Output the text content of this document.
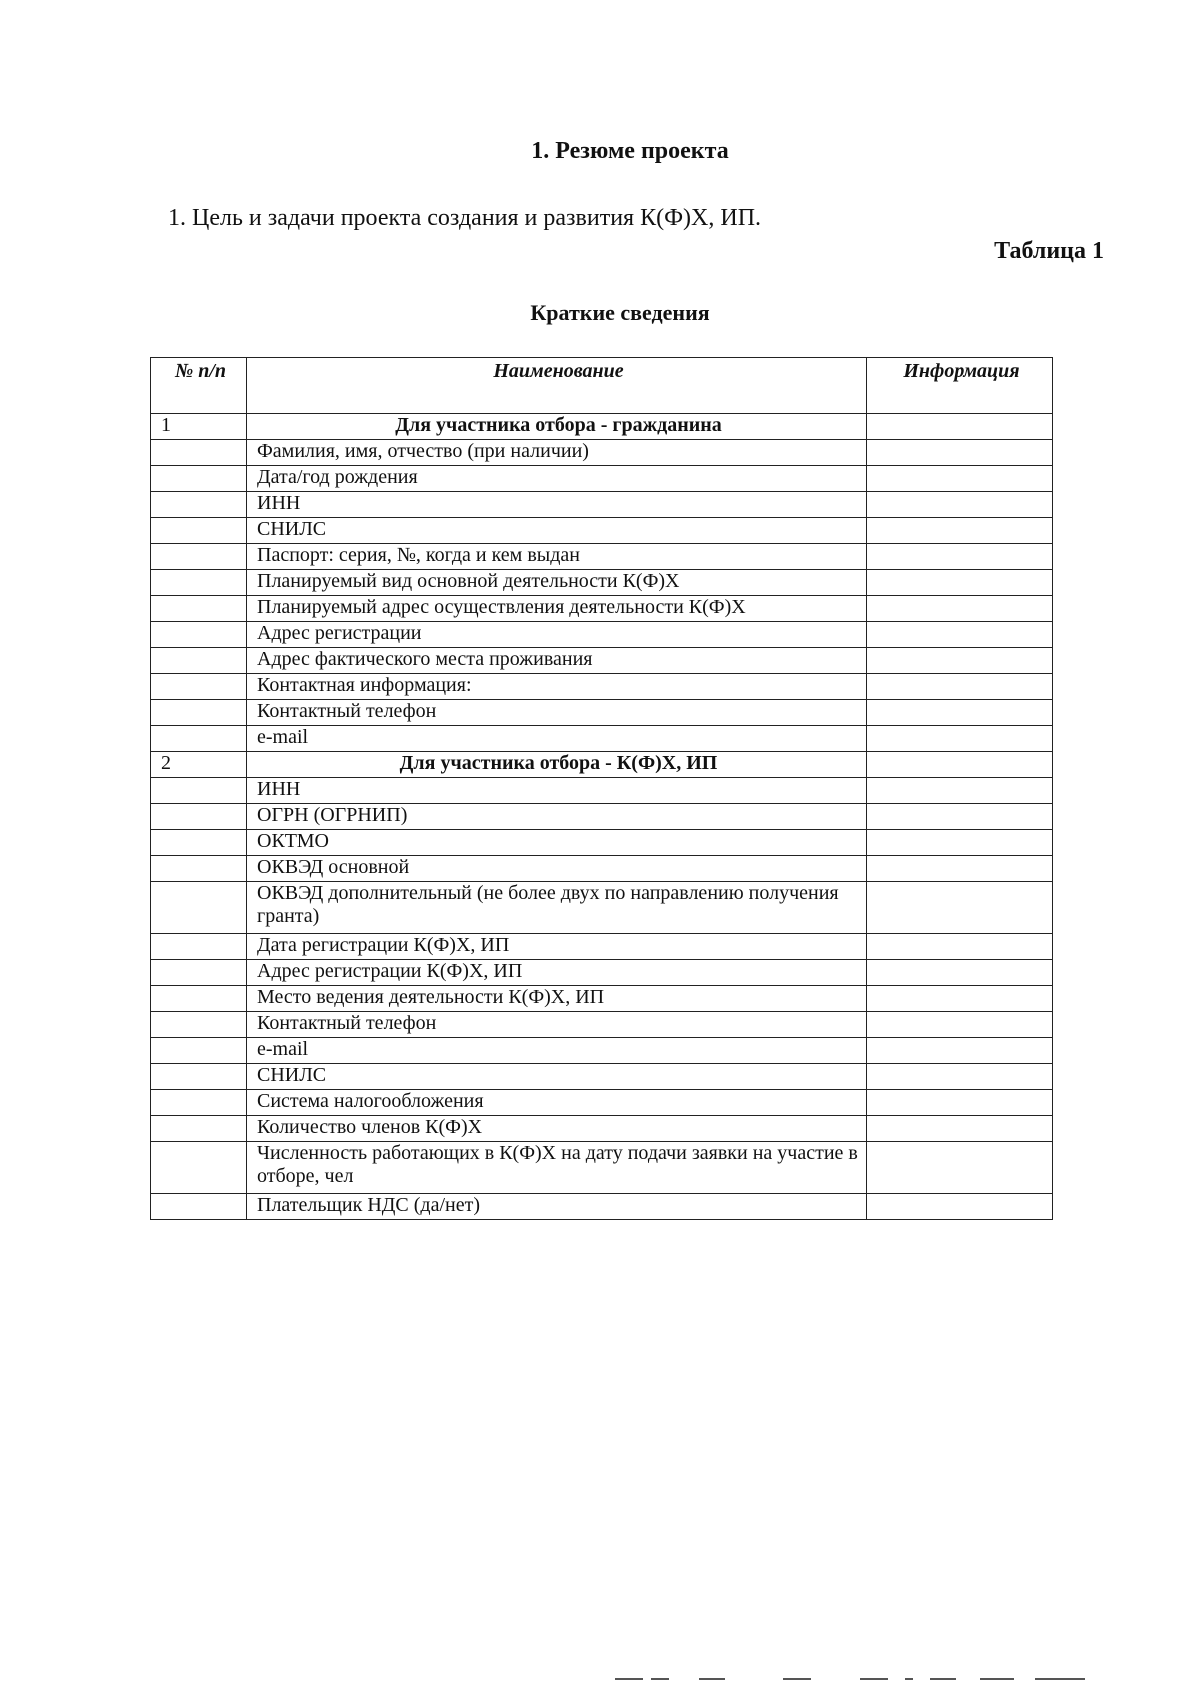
1. Резюме проекта
1. Цель и задачи проекта создания и развития К(Ф)Х, ИП.
Таблица 1
Краткие сведения
№ п/п	Наименование	Информация
1	Для участника отбора - гражданина	
	Фамилия, имя, отчество (при наличии)	
	Дата/год рождения	
	ИНН	
	СНИЛС	
	Паспорт: серия, №, когда и кем выдан	
	Планируемый вид основной деятельности К(Ф)Х	
	Планируемый адрес осуществления деятельности К(Ф)Х	
	Адрес регистрации	
	Адрес фактического места проживания	
	Контактная информация:	
	Контактный телефон	
	e-mail	
2	Для участника отбора - К(Ф)Х, ИП	
	ИНН	
	ОГРН (ОГРНИП)	
	ОКТМО	
	ОКВЭД основной	
	ОКВЭД дополнительный (не более двух по направлению получения гранта)	
	Дата регистрации К(Ф)Х, ИП	
	Адрес регистрации К(Ф)Х, ИП	
	Место ведения деятельности К(Ф)Х, ИП	
	Контактный телефон	
	e-mail	
	СНИЛС	
	Система налогообложения	
	Количество членов К(Ф)Х	
	Численность работающих в К(Ф)Х на дату подачи заявки на участие в отборе, чел	
	Плательщик НДС (да/нет)	
